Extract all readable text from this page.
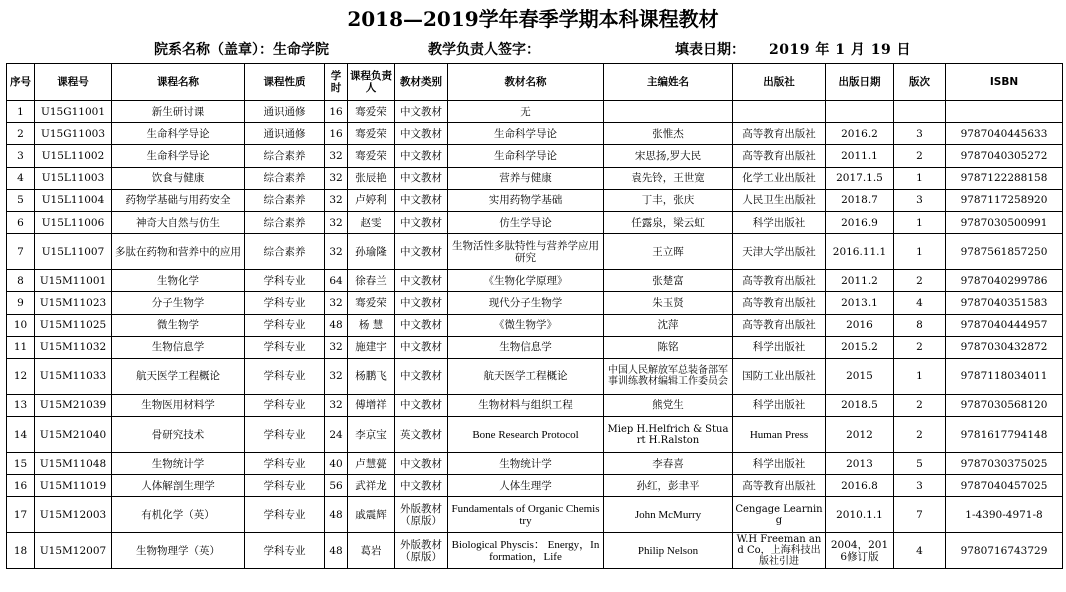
2018—2019学年春季学期本科课程教材
院系名称（盖章）：生命学院	教学负责人签字：	填表日期： 2019 年 1 月 19 日
序号	课程号	课程名称	课程性质	学时	课程负责人	教材类别	教材名称	主编姓名	出版社	出版日期	版次	ISBN
1	U15G11001	新生研讨课	通识通修	16	骞爱荣	中文教材	无					
2	U15G11003	生命科学导论	通识通修	16	骞爱荣	中文教材	生命科学导论	张惟杰	高等教育出版社	2016.2	3	9787040445633
3	U15L11002	生命科学导论	综合素养	32	骞爱荣	中文教材	生命科学导论	宋思扬,罗大民	高等教育出版社	2011.1	2	9787040305272
4	U15L11003	饮食与健康	综合素养	32	张辰艳	中文教材	营养与健康	袁先铃，王世宽	化学工业出版社	2017.1.5	1	9787122288158
5	U15L11004	药物学基础与用药安全	综合素养	32	卢婷利	中文教材	实用药物学基础	丁丰，张庆	人民卫生出版社	2018.7	3	9787117258920
6	U15L11006	神奇大自然与仿生	综合素养	32	赵雯	中文教材	仿生学导论	任露泉，梁云虹	科学出版社	2016.9	1	9787030500991
7	U15L11007	多肽在药物和营养中的应用	综合素养	32	孙瑜隆	中文教材	生物活性多肽特性与营养学应用研究	王立晖	天津大学出版社	2016.11.1	1	9787561857250
8	U15M11001	生物化学	学科专业	64	徐春兰	中文教材	《生物化学原理》	张楚富	高等教育出版社	2011.2	2	9787040299786
9	U15M11023	分子生物学	学科专业	32	骞爱荣	中文教材	现代分子生物学	朱玉贤	高等教育出版社	2013.1	4	9787040351583
10	U15M11025	微生物学	学科专业	48	杨 慧	中文教材	《微生物学》	沈萍	高等教育出版社	2016	8	9787040444957
11	U15M11032	生物信息学	学科专业	32	施建宇	中文教材	生物信息学	陈铭	科学出版社	2015.2	2	9787030432872
12	U15M11033	航天医学工程概论	学科专业	32	杨鹏飞	中文教材	航天医学工程概论	中国人民解放军总装备部军事训练教材编辑工作委员会	国防工业出版社	2015	1	9787118034011
13	U15M21039	生物医用材料学	学科专业	32	傅增祥	中文教材	生物材料与组织工程	熊党生	科学出版社	2018.5	2	9787030568120
14	U15M21040	骨研究技术	学科专业	24	李京宝	英文教材	Bone Research Protocol	Miep H.Helfrich & Stuart H.Ralston	Human Press	2012	2	9781617794148
15	U15M11048	生物统计学	学科专业	40	卢慧甍	中文教材	生物统计学	李春喜	科学出版社	2013	5	9787030375025
16	U15M11019	人体解剖生理学	学科专业	56	武祥龙	中文教材	人体生理学	孙红，彭聿平	高等教育出版社	2016.8	3	9787040457025
17	U15M12003	有机化学（英）	学科专业	48	戚震辉	外版教材（原版）	Fundamentals of Organic Chemistry	John McMurry	Cengage Learning	2010.1.1	7	1-4390-4971-8
18	U15M12007	生物物理学（英）	学科专业	48	葛岩	外版教材（原版）	Biological Physcis： Energy，Information，Life	Philip Nelson	W.H Freeman and Co，上海科技出版社引进	2004，2016修订版	4	9780716743729
